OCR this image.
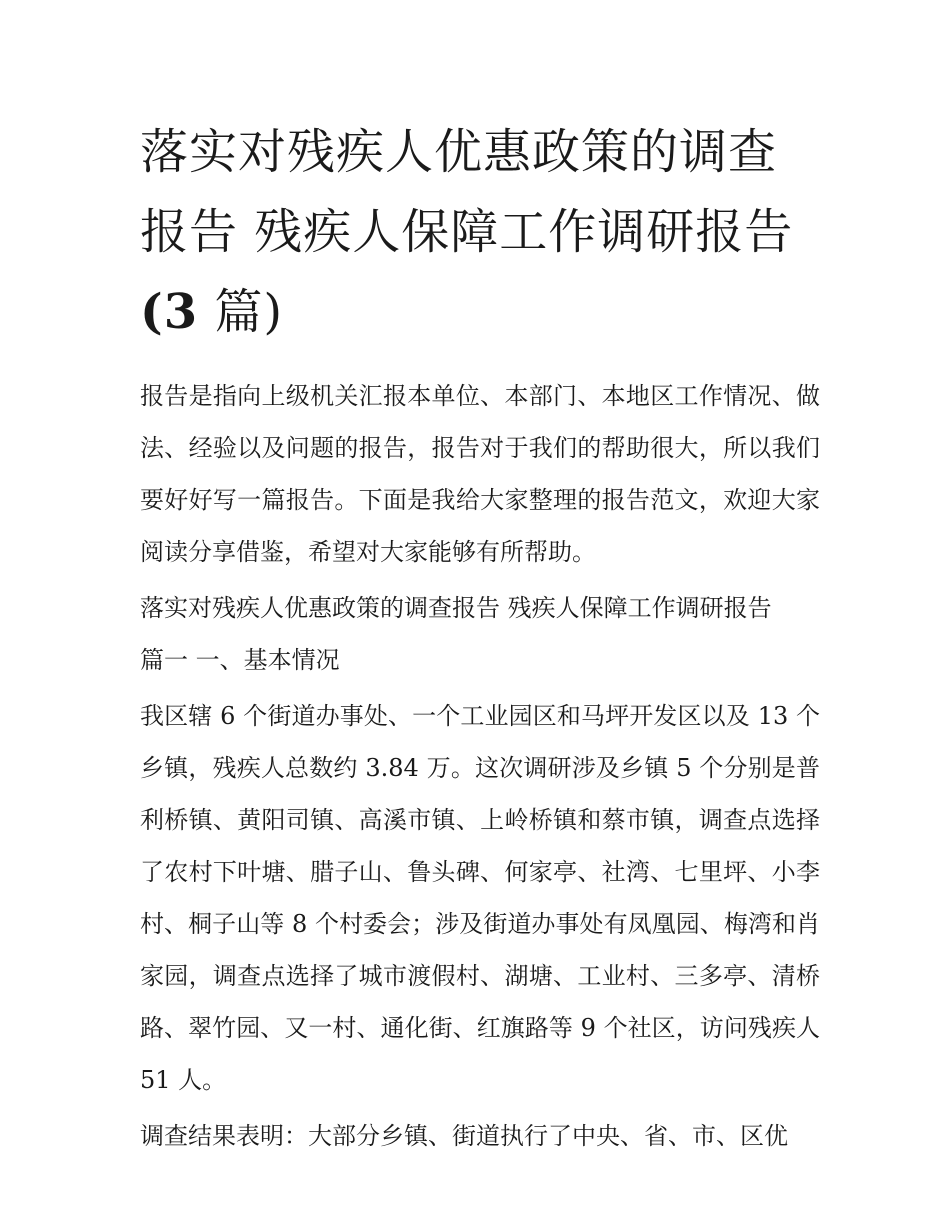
落实对残疾人优惠政策的调查报告 残疾人保障工作调研报告
(3 篇)

报告是指向上级机关汇报本单位、本部门、本地区工作情况、做法、经验以及问题的报告，报告对于我们的帮助很大，所以我们要好好写一篇报告。下面是我给大家整理的报告范文，欢迎大家阅读分享借鉴，希望对大家能够有所帮助。

落实对残疾人优惠政策的调查报告 残疾人保障工作调研报告
篇一 一、基本情况

我区辖 6 个街道办事处、一个工业园区和马坪开发区以及 13 个乡镇，残疾人总数约 3.84 万。这次调研涉及乡镇 5 个分别是普利桥镇、黄阳司镇、高溪市镇、上岭桥镇和蔡市镇，调查点选择了农村下叶塘、腊子山、鲁头碑、何家亭、社湾、七里坪、小李村、桐子山等 8 个村委会；涉及街道办事处有凤凰园、梅湾和肖家园，调查点选择了城市渡假村、湖塘、工业村、三多亭、清桥路、翠竹园、又一村、通化街、红旗路等 9 个社区，访问残疾人 51 人。

调查结果表明：大部分乡镇、街道执行了中央、省、市、区优
